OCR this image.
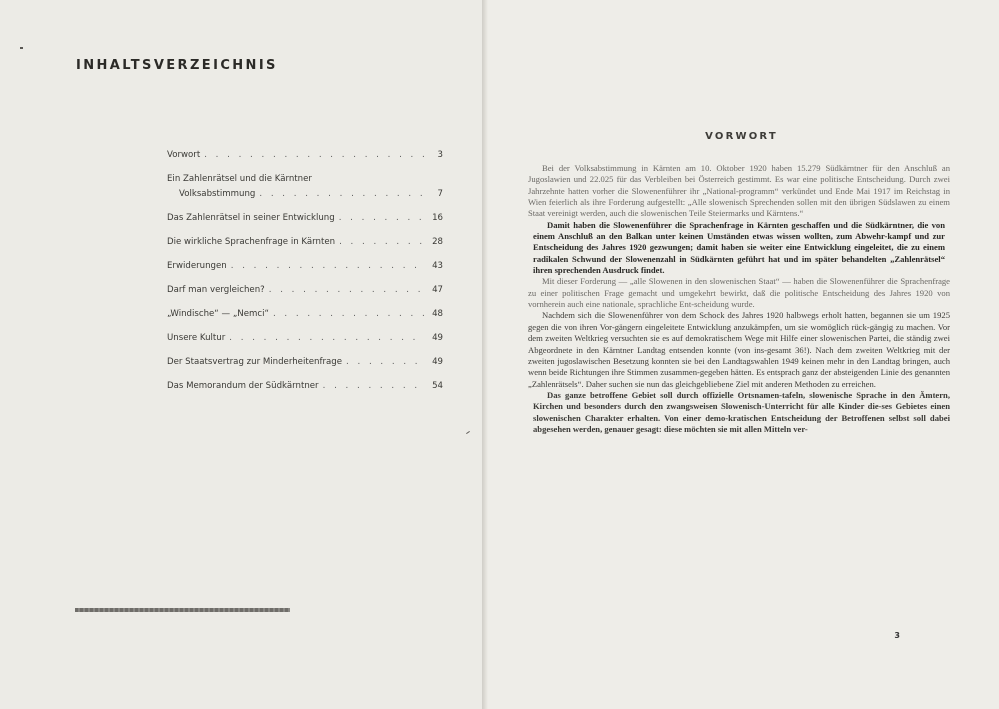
INHALTSVERZEICHNIS
Vorwort . . .	3
Ein Zahlenrätsel und die Kärntner
Volksabstimmung . . .	7
Das Zahlenrätsel in seiner Entwicklung . . .	16
Die wirkliche Sprachenfrage in Kärnten . . .	28
Erwiderungen . . .	43
Darf man vergleichen? . . .	47
„Windische“ — „Nemci“ . . .	48
Unsere Kultur . . .	49
Der Staatsvertrag zur Minderheitenfrage . . .	49
Das Memorandum der Südkärntner . . .	54
VORWORT

Bei der Volksabstimmung in Kärnten am 10. Oktober 1920 haben 15.279 Südkärntner für den Anschluß an Jugoslawien und 22.025 für das Verbleiben bei Österreich gestimmt. Es war eine politische Entscheidung. Durch zwei Jahrzehnte hatten vorher die Slowenenführer ihr „National-programm“ verkündet und Ende Mai 1917 im Reichstag in Wien feierlich als ihre Forderung aufgestellt: „Alle slowenisch Sprechenden sollen mit den übrigen Südslawen zu einem Staat vereinigt werden, auch die slowenischen Teile Steiermarks und Kärntens.“

Damit haben die Slowenenführer die Sprachenfrage in Kärnten geschaffen und die Südkärntner, die von einem Anschluß an den Balkan unter keinen Umständen etwas wissen wollten, zum Abwehr-kampf und zur Entscheidung des Jahres 1920 gezwungen; damit haben sie weiter eine Entwicklung eingeleitet, die zu einem radikalen Schwund der Slowenenzahl in Südkärnten geführt hat und im später behandelten „Zahlenrätsel“ ihren sprechenden Ausdruck findet.

Mit dieser Forderung — „alle Slowenen in den slowenischen Staat“ — haben die Slowenenführer die Sprachenfrage zu einer politischen Frage gemacht und umgekehrt bewirkt, daß die politische Entscheidung des Jahres 1920 von vornherein auch eine nationale, sprachliche Ent-scheidung wurde.

Nachdem sich die Slowenenführer von dem Schock des Jahres 1920 halbwegs erholt hatten, begannen sie um 1925 gegen die von ihren Vor-gängern eingeleitete Entwicklung anzukämpfen, um sie womöglich rück-gängig zu machen. Vor dem zweiten Weltkrieg versuchten sie es auf demokratischem Wege mit Hilfe einer slowenischen Partei, die ständig zwei Abgeordnete in den Kärntner Landtag entsenden konnte (von ins-gesamt 36!). Nach dem zweiten Weltkrieg mit der zweiten jugoslawischen Besetzung konnten sie bei den Landtagswahlen 1949 keinen mehr in den Landtag bringen, auch wenn beide Richtungen ihre Stimmen zusammen-gegeben hätten. Es entsprach ganz der absteigenden Linie des genannten „Zahlenrätsels“. Daher suchen sie nun das gleichgebliebene Ziel mit anderen Methoden zu erreichen.

Das ganze betroffene Gebiet soll durch offizielle Ortsnamen-tafeln, slowenische Sprache in den Ämtern, Kirchen und besonders durch den zwangsweisen Slowenisch-Unterricht für alle Kinder die-ses Gebietes einen slowenischen Charakter erhalten. Von einer demo-kratischen Entscheidung der Betroffenen selbst soll dabei abgesehen werden, genauer gesagt: diese möchten sie mit allen Mitteln ver-

3
